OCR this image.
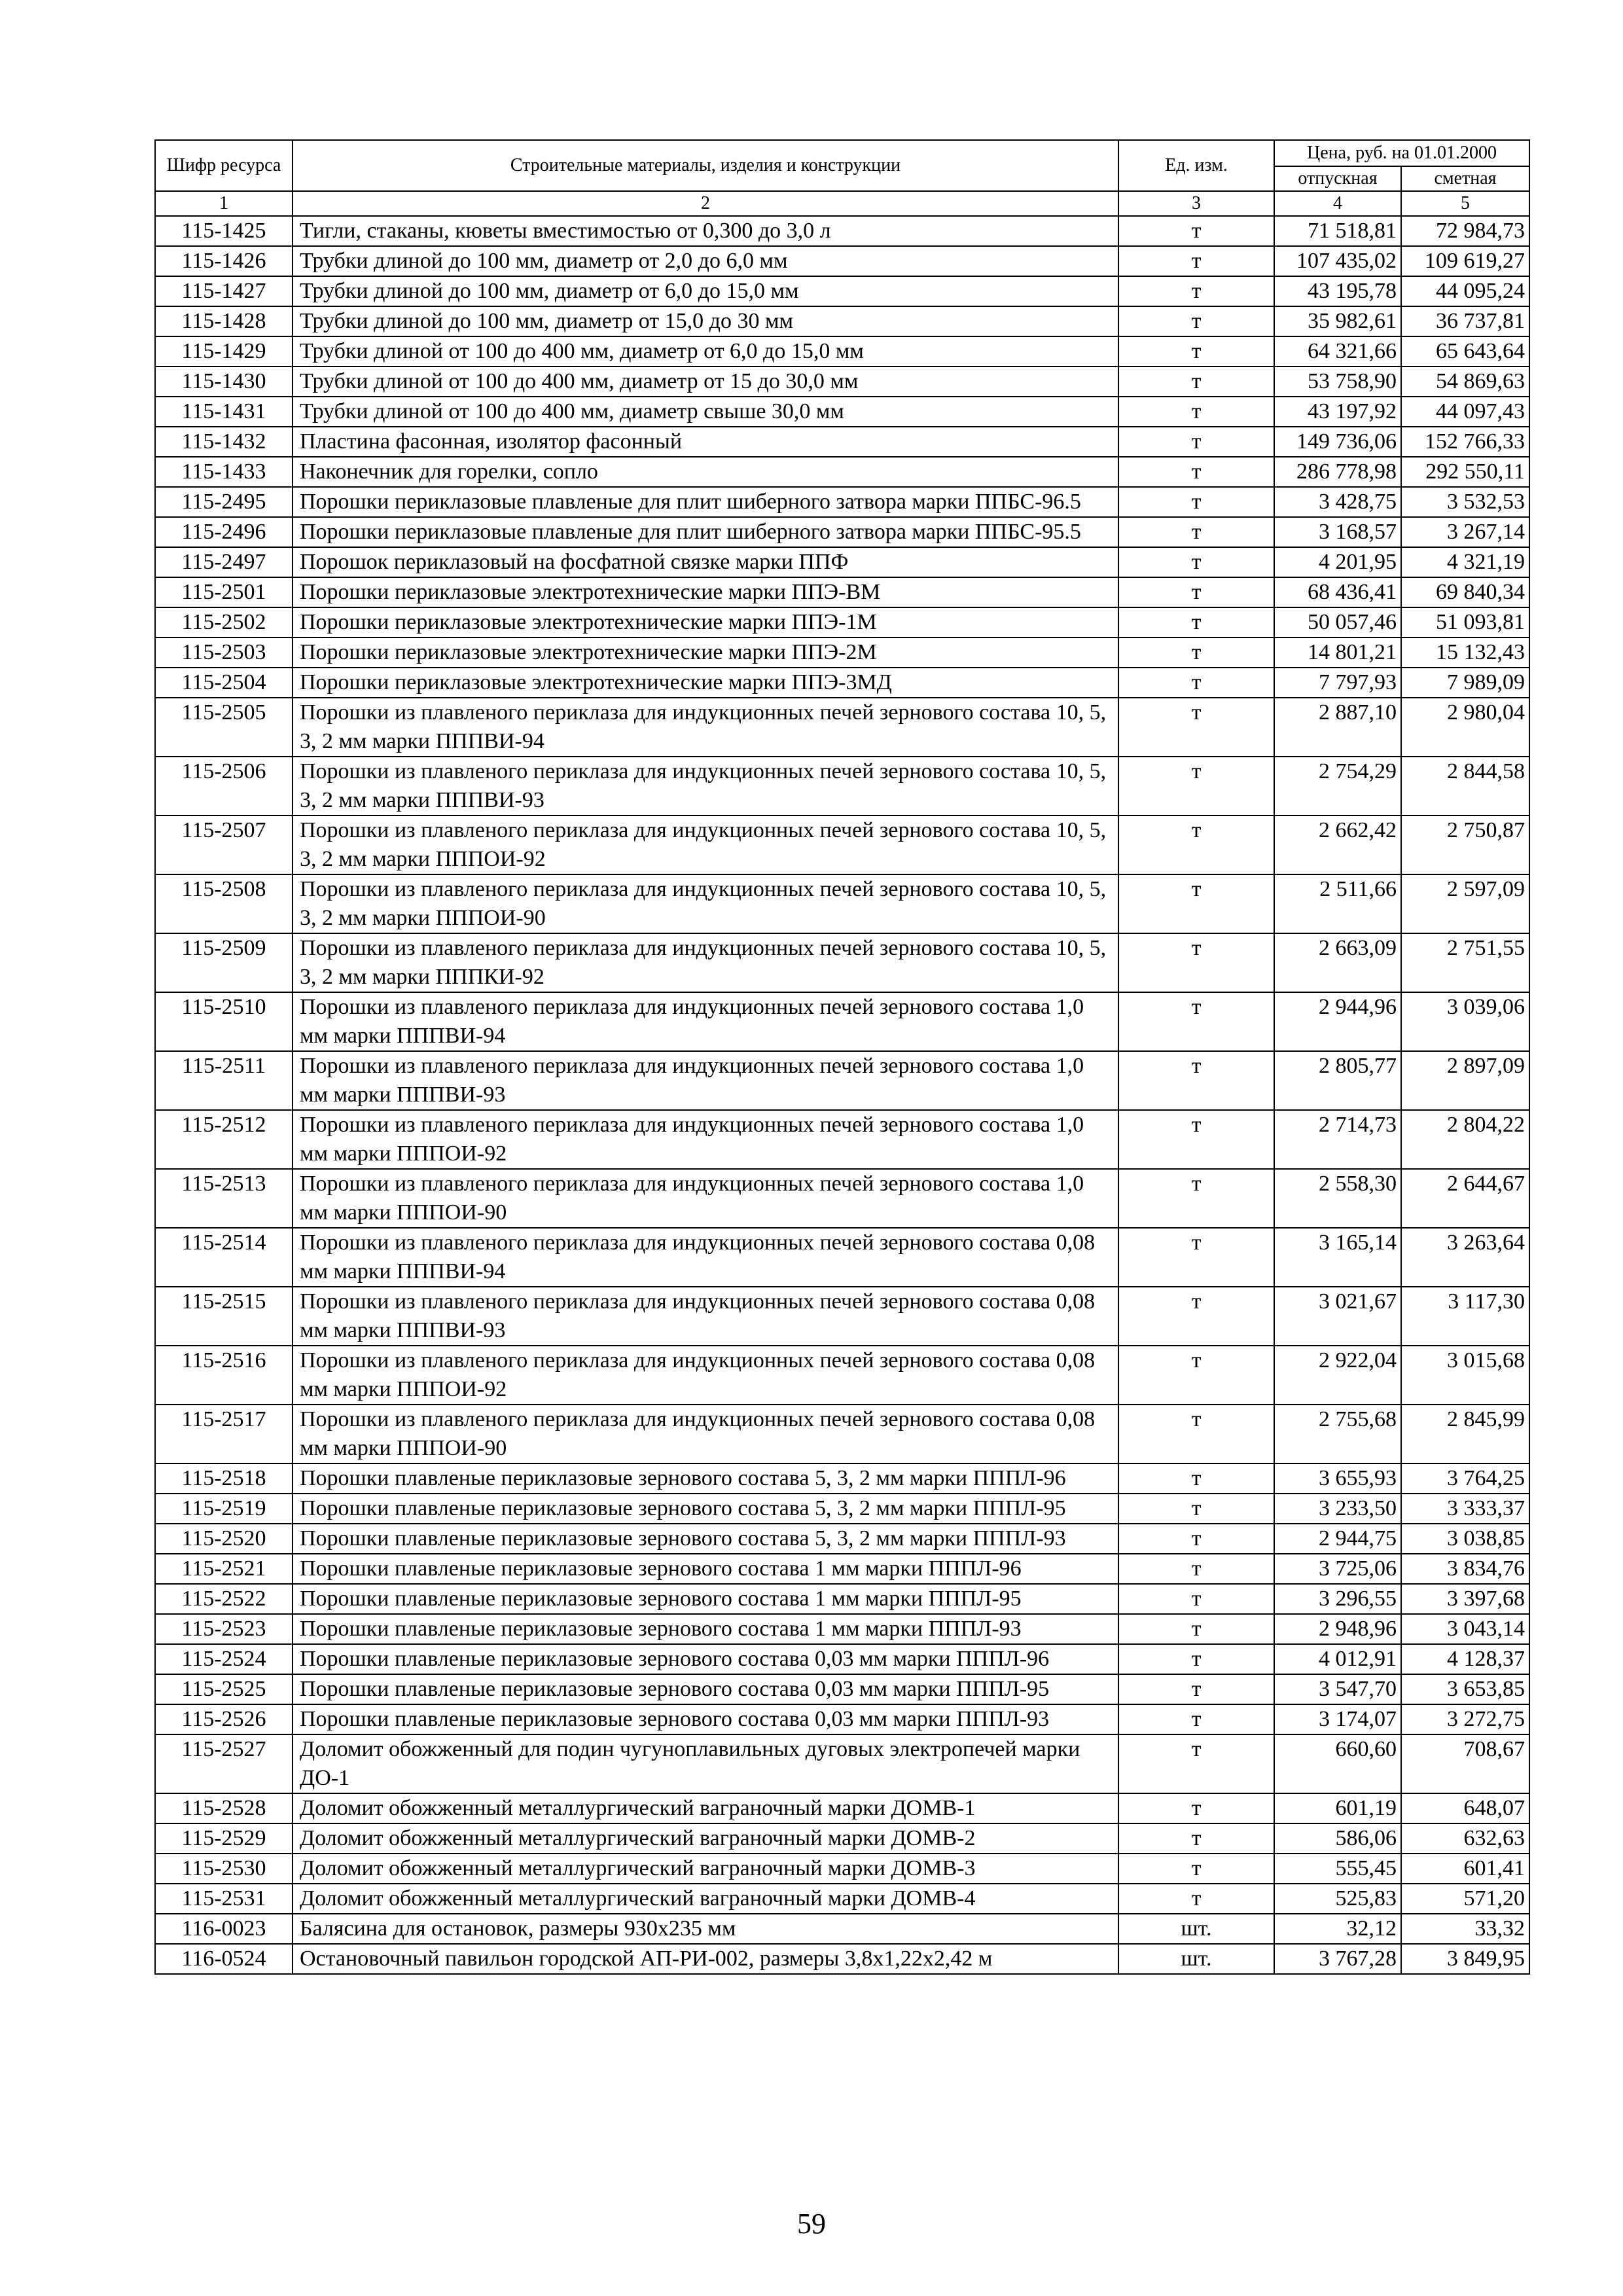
Шифр ресурса	Строительные материалы, изделия и конструкции	Ед. изм.	Цена, руб. на 01.01.2000	
			отпускная	сметная
1	2	3	4	5
115-1425	Тигли, стаканы, кюветы вместимостью от 0,300 до 3,0 л	т	71 518,81	72 984,73
115-1426	Трубки длиной до 100 мм, диаметр от 2,0 до 6,0 мм	т	107 435,02	109 619,27
115-1427	Трубки длиной до 100 мм, диаметр от 6,0 до 15,0 мм	т	43 195,78	44 095,24
115-1428	Трубки длиной до 100 мм, диаметр от 15,0 до 30 мм	т	35 982,61	36 737,81
115-1429	Трубки длиной от 100 до 400 мм, диаметр от 6,0 до 15,0 мм	т	64 321,66	65 643,64
115-1430	Трубки длиной от 100 до 400 мм, диаметр от 15 до 30,0 мм	т	53 758,90	54 869,63
115-1431	Трубки длиной от 100 до 400 мм, диаметр свыше 30,0 мм	т	43 197,92	44 097,43
115-1432	Пластина фасонная, изолятор фасонный	т	149 736,06	152 766,33
115-1433	Наконечник для горелки, сопло	т	286 778,98	292 550,11
115-2495	Порошки периклазовые плавленые для плит шиберного затвора марки ППБС-96.5	т	3 428,75	3 532,53
115-2496	Порошки периклазовые плавленые для плит шиберного затвора марки ППБС-95.5	т	3 168,57	3 267,14
115-2497	Порошок периклазовый на фосфатной связке марки ППФ	т	4 201,95	4 321,19
115-2501	Порошки периклазовые электротехнические марки ППЭ-ВМ	т	68 436,41	69 840,34
115-2502	Порошки периклазовые электротехнические марки ППЭ-1М	т	50 057,46	51 093,81
115-2503	Порошки периклазовые электротехнические марки ППЭ-2М	т	14 801,21	15 132,43
115-2504	Порошки периклазовые электротехнические марки ППЭ-3МД	т	7 797,93	7 989,09
115-2505	Порошки из плавленого периклаза для индукционных печей зернового состава 10, 5, 3, 2 мм марки ПППВИ-94	т	2 887,10	2 980,04
115-2506	Порошки из плавленого периклаза для индукционных печей зернового состава 10, 5, 3, 2 мм марки ПППВИ-93	т	2 754,29	2 844,58
115-2507	Порошки из плавленого периклаза для индукционных печей зернового состава 10, 5, 3, 2 мм марки ПППОИ-92	т	2 662,42	2 750,87
115-2508	Порошки из плавленого периклаза для индукционных печей зернового состава 10, 5, 3, 2 мм марки ПППОИ-90	т	2 511,66	2 597,09
115-2509	Порошки из плавленого периклаза для индукционных печей зернового состава 10, 5, 3, 2 мм марки ПППКИ-92	т	2 663,09	2 751,55
115-2510	Порошки из плавленого периклаза для индукционных печей зернового состава 1,0 мм марки ПППВИ-94	т	2 944,96	3 039,06
115-2511	Порошки из плавленого периклаза для индукционных печей зернового состава 1,0 мм марки ПППВИ-93	т	2 805,77	2 897,09
115-2512	Порошки из плавленого периклаза для индукционных печей зернового состава 1,0 мм марки ПППОИ-92	т	2 714,73	2 804,22
115-2513	Порошки из плавленого периклаза для индукционных печей зернового состава 1,0 мм марки ПППОИ-90	т	2 558,30	2 644,67
115-2514	Порошки из плавленого периклаза для индукционных печей зернового состава 0,08 мм марки ПППВИ-94	т	3 165,14	3 263,64
115-2515	Порошки из плавленого периклаза для индукционных печей зернового состава 0,08 мм марки ПППВИ-93	т	3 021,67	3 117,30
115-2516	Порошки из плавленого периклаза для индукционных печей зернового состава 0,08 мм марки ПППОИ-92	т	2 922,04	3 015,68
115-2517	Порошки из плавленого периклаза для индукционных печей зернового состава 0,08 мм марки ПППОИ-90	т	2 755,68	2 845,99
115-2518	Порошки плавленые периклазовые зернового состава 5, 3, 2 мм марки ПППЛ-96	т	3 655,93	3 764,25
115-2519	Порошки плавленые периклазовые зернового состава 5, 3, 2 мм марки ПППЛ-95	т	3 233,50	3 333,37
115-2520	Порошки плавленые периклазовые зернового состава 5, 3, 2 мм марки ПППЛ-93	т	2 944,75	3 038,85
115-2521	Порошки плавленые периклазовые зернового состава 1 мм марки ПППЛ-96	т	3 725,06	3 834,76
115-2522	Порошки плавленые периклазовые зернового состава 1 мм марки ПППЛ-95	т	3 296,55	3 397,68
115-2523	Порошки плавленые периклазовые зернового состава 1 мм марки ПППЛ-93	т	2 948,96	3 043,14
115-2524	Порошки плавленые периклазовые зернового состава 0,03 мм марки ПППЛ-96	т	4 012,91	4 128,37
115-2525	Порошки плавленые периклазовые зернового состава 0,03 мм марки ПППЛ-95	т	3 547,70	3 653,85
115-2526	Порошки плавленые периклазовые зернового состава 0,03 мм марки ПППЛ-93	т	3 174,07	3 272,75
115-2527	Доломит обожженный для подин чугуноплавильных дуговых электропечей марки ДО-1	т	660,60	708,67
115-2528	Доломит обожженный металлургический ваграночный марки ДОМВ-1	т	601,19	648,07
115-2529	Доломит обожженный металлургический ваграночный марки ДОМВ-2	т	586,06	632,63
115-2530	Доломит обожженный металлургический ваграночный марки ДОМВ-3	т	555,45	601,41
115-2531	Доломит обожженный металлургический ваграночный марки ДОМВ-4	т	525,83	571,20
116-0023	Балясина для остановок, размеры 930х235 мм	шт.	32,12	33,32
116-0524	Остановочный павильон городской АП-РИ-002, размеры 3,8х1,22х2,42 м	шт.	3 767,28	3 849,95
59
